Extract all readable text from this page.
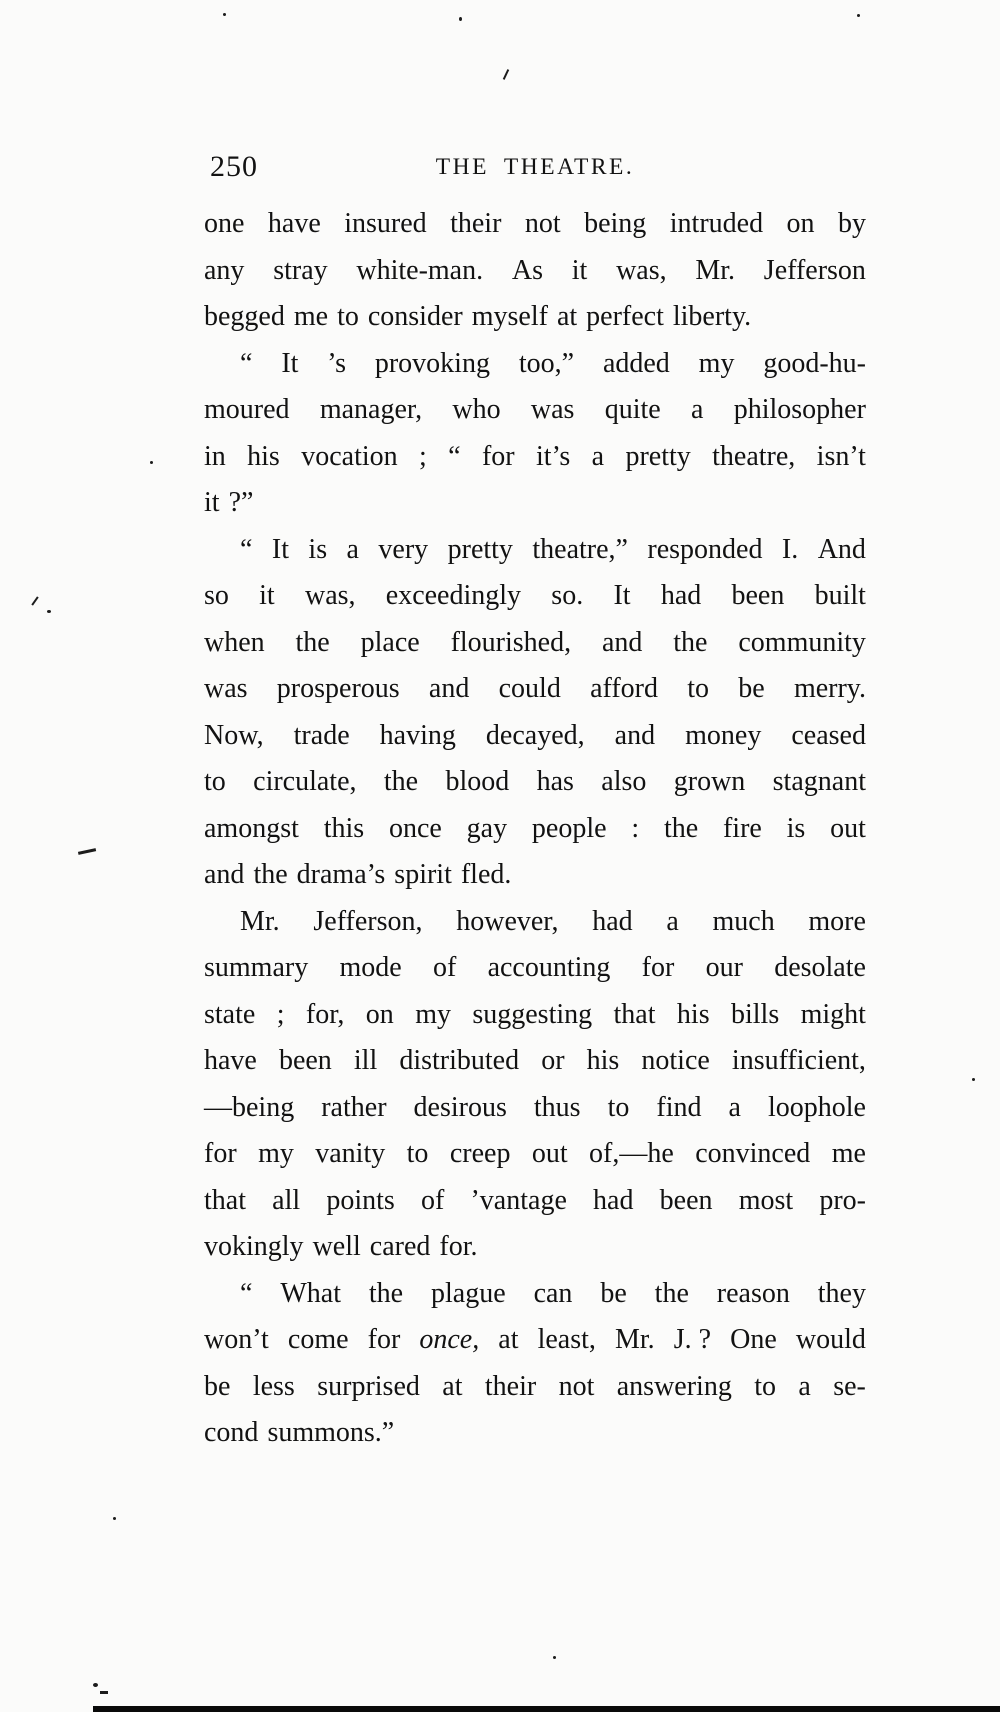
250	THE THEATRE.
one have insured their not being intruded on by
any stray white-man. As it was, Mr. Jefferson
begged me to consider myself at perfect liberty.
“ It ’s provoking too,” added my good-hu-
moured manager, who was quite a philosopher
in his vocation ; “ for it’s a pretty theatre, isn’t
it ?”
“ It is a very pretty theatre,” responded I. And
so it was, exceedingly so. It had been built
when the place flourished, and the community
was prosperous and could afford to be merry.
Now, trade having decayed, and money ceased
to circulate, the blood has also grown stagnant
amongst this once gay people : the fire is out
and the drama’s spirit fled.
Mr. Jefferson, however, had a much more
summary mode of accounting for our desolate
state ; for, on my suggesting that his bills might
have been ill distributed or his notice insufficient,
—being rather desirous thus to find a loophole
for my vanity to creep out of,—he convinced me
that all points of ’vantage had been most pro-
vokingly well cared for.
“ What the plague can be the reason they
won’t come for once, at least, Mr. J. ? One would
be less surprised at their not answering to a se-
cond summons.”
